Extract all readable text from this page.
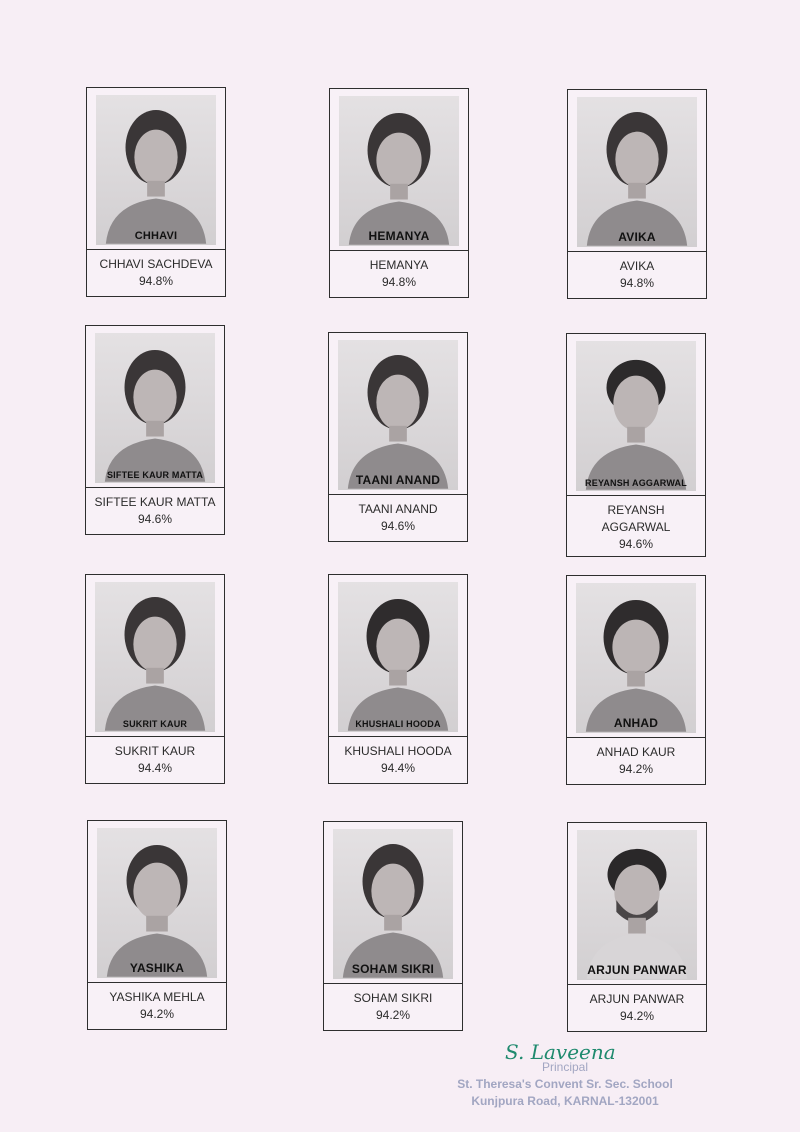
CHHAVI
CHHAVI SACHDEVA
94.8%
HEMANYA
HEMANYA
94.8%
AVIKA
AVIKA
94.8%
SIFTEE KAUR MATTA
SIFTEE KAUR MATTA
94.6%
TAANI ANAND
TAANI ANAND
94.6%
REYANSH AGGARWAL
REYANSH AGGARWAL
94.6%
SUKRIT KAUR
SUKRIT KAUR
94.4%
KHUSHALI HOODA
KHUSHALI HOODA
94.4%
ANHAD
ANHAD KAUR
94.2%
YASHIKA
YASHIKA MEHLA
94.2%
SOHAM SIKRI
SOHAM SIKRI
94.2%
ARJUN PANWAR
ARJUN PANWAR
94.2%
S. Laveena
Principal
St. Theresa's Convent Sr. Sec. School
Kunjpura Road, KARNAL-132001
